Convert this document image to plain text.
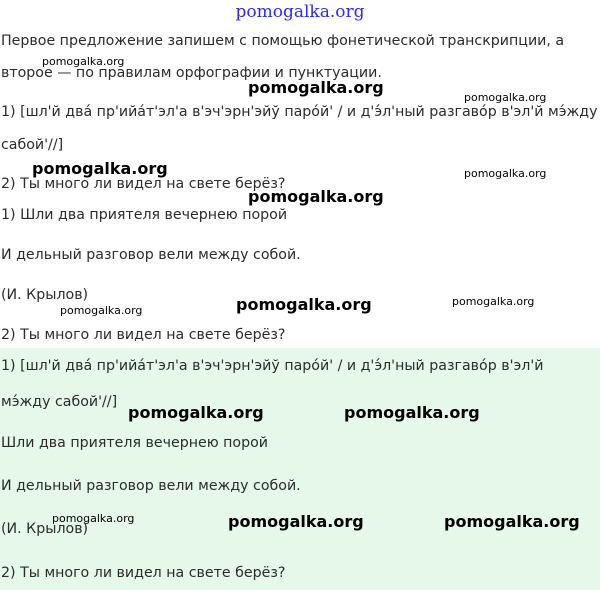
pomogalka.org
Первое предложение запишем с помощью фонетической транскрипции, а
второе — по правилам орфографии и пунктуации.
1) [шл'й двá пр'ийáт'эл'а в'эч'эрн'эйў парóй' / и д'э́л'ный разгавóр в'эл'й мэ́жду
сабой'//]
2) Ты много ли видел на свете берёз?
1) Шли два приятеля вечернею порой
И дельный разговор вели между собой.
(И. Крылов)
2) Ты много ли видел на свете берёз?
1) [шл'й двá пр'ийáт'эл'а в'эч'эрн'эйў парóй' / и д'э́л'ный разгавóр в'эл'й
мэ́жду сабой'//]
Шли два приятеля вечернею порой
И дельный разговор вели между собой.
(И. Крылов)
2) Ты много ли видел на свете берёз?
pomogalka.org
pomogalka.org
pomogalka.org
pomogalka.org	pomogalka.org
pomogalka.org
pomogalka.org
pomogalka.org
pomogalka.org
pomogalka.org	pomogalka.org
pomogalka.org	pomogalka.org	pomogalka.org
